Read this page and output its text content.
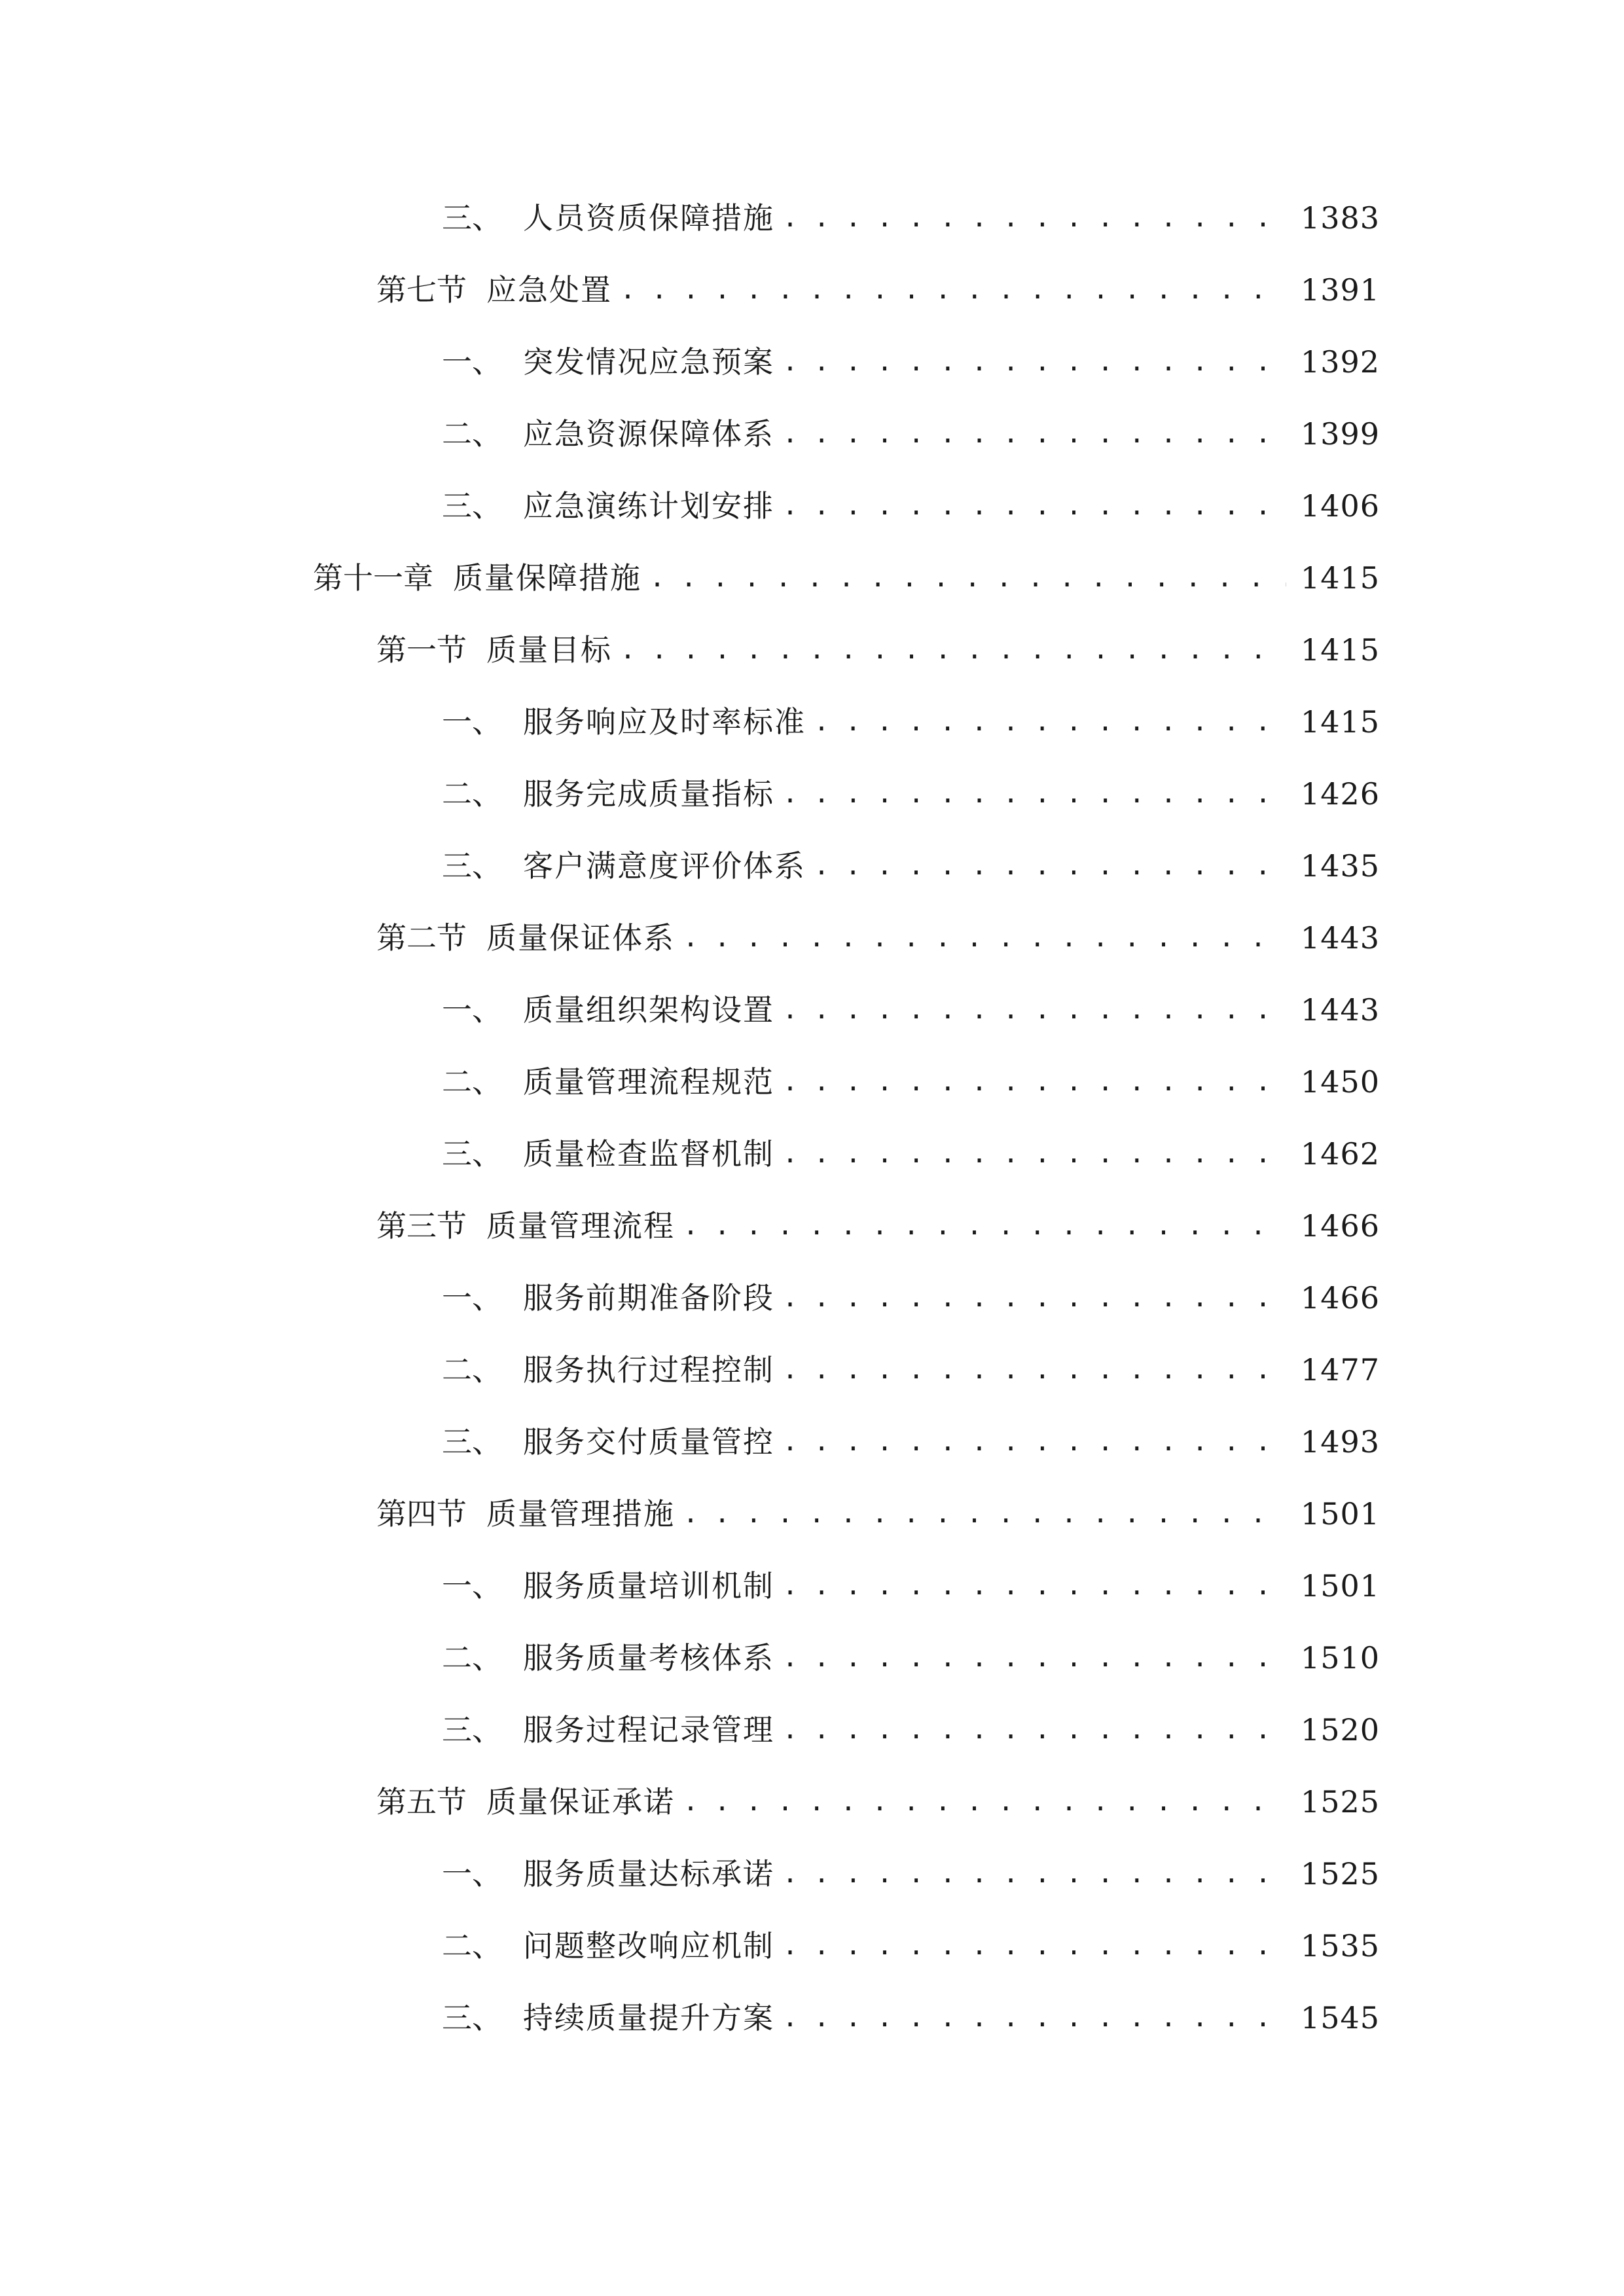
三、 人员资质保障措施 . . .	1383
第七节 应急处置 . . .	1391
一、 突发情况应急预案 . . .	1392
二、 应急资源保障体系 . . .	1399
三、 应急演练计划安排 . . .	1406
第十一章 质量保障措施 . . .	1415
第一节 质量目标 . . .	1415
一、 服务响应及时率标准 . . .	1415
二、 服务完成质量指标 . . .	1426
三、 客户满意度评价体系 . . .	1435
第二节 质量保证体系 . . .	1443
一、 质量组织架构设置 . . .	1443
二、 质量管理流程规范 . . .	1450
三、 质量检查监督机制 . . .	1462
第三节 质量管理流程 . . .	1466
一、 服务前期准备阶段 . . .	1466
二、 服务执行过程控制 . . .	1477
三、 服务交付质量管控 . . .	1493
第四节 质量管理措施 . . .	1501
一、 服务质量培训机制 . . .	1501
二、 服务质量考核体系 . . .	1510
三、 服务过程记录管理 . . .	1520
第五节 质量保证承诺 . . .	1525
一、 服务质量达标承诺 . . .	1525
二、 问题整改响应机制 . . .	1535
三、 持续质量提升方案 . . .	1545
